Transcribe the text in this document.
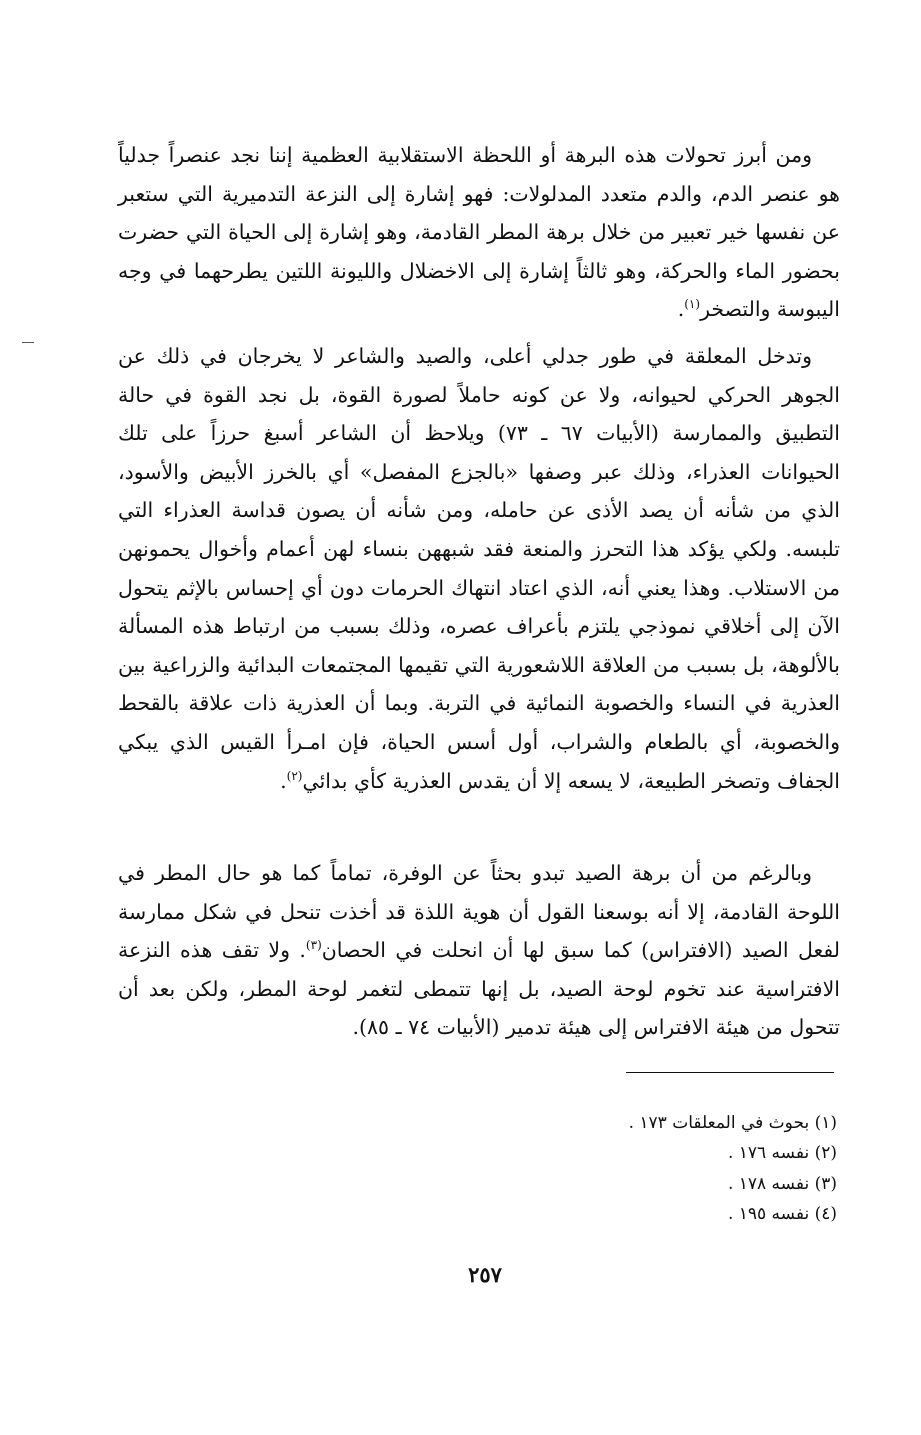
ومن أبرز تحولات هذه البرهة أو اللحظة الاستقلابية العظمية إننا نجد عنصراً جدلياً هو عنصر الدم، والدم متعدد المدلولات: فهو إشارة إلى النزعة التدميرية التي ستعبر عن نفسها خير تعبير من خلال برهة المطر القادمة، وهو إشارة إلى الحياة التي حضرت بحضور الماء والحركة، وهو ثالثاً إشارة إلى الاخضلال والليونة اللتين يطرحهما في وجه اليبوسة والتصخر$^{(١)}$.

وتدخل المعلقة في طور جدلي أعلى، والصيد والشاعر لا يخرجان في ذلك عن الجوهر الحركي لحيوانه، ولا عن كونه حاملاً لصورة القوة، بل نجد القوة في حالة التطبيق والممارسة (الأبيات ٦٧ ـ ٧٣) ويلاحظ أن الشاعر أسبغ حرزاً على تلك الحيوانات العذراء، وذلك عبر وصفها «بالجزع المفصل» أي بالخرز الأبيض والأسود، الذي من شأنه أن يصد الأذى عن حامله، ومن شأنه أن يصون قداسة العذراء التي تلبسه. ولكي يؤكد هذا التحرز والمنعة فقد شبههن بنساء لهن أعمام وأخوال يحمونهن من الاستلاب. وهذا يعني أنه، الذي اعتاد انتهاك الحرمات دون أي إحساس بالإثم يتحول الآن إلى أخلاقي نموذجي يلتزم بأعراف عصره، وذلك بسبب من ارتباط هذه المسألة بالألوهة، بل بسبب من العلاقة اللاشعورية التي تقيمها المجتمعات البدائية والزراعية بين العذرية في النساء والخصوبة النمائية في التربة. وبما أن العذرية ذات علاقة بالقحط والخصوبة، أي بالطعام والشراب، أول أسس الحياة، فإن امـرأ القيس الذي يبكي الجفاف وتصخر الطبيعة، لا يسعه إلا أن يقدس العذرية كأي بدائي$^{(٢)}$.

وبالرغم من أن برهة الصيد تبدو بحثاً عن الوفرة، تماماً كما هو حال المطر في اللوحة القادمة، إلا أنه بوسعنا القول أن هوية اللذة قد أخذت تنحل في شكل ممارسة لفعل الصيد (الافتراس) كما سبق لها أن انحلت في الحصان$^{(٣)}$. ولا تقف هذه النزعة الافتراسية عند تخوم لوحة الصيد، بل إنها تتمطى لتغمر لوحة المطر، ولكن بعد أن تتحول من هيئة الافتراس إلى هيئة تدمير (الأبيات ٧٤ ـ ٨٥).

(١) بحوث في المعلقات ١٧٣ .
(٢) نفسه ١٧٦ .
(٣) نفسه ١٧٨ .
(٤) نفسه ١٩٥ .
٢٥٧
